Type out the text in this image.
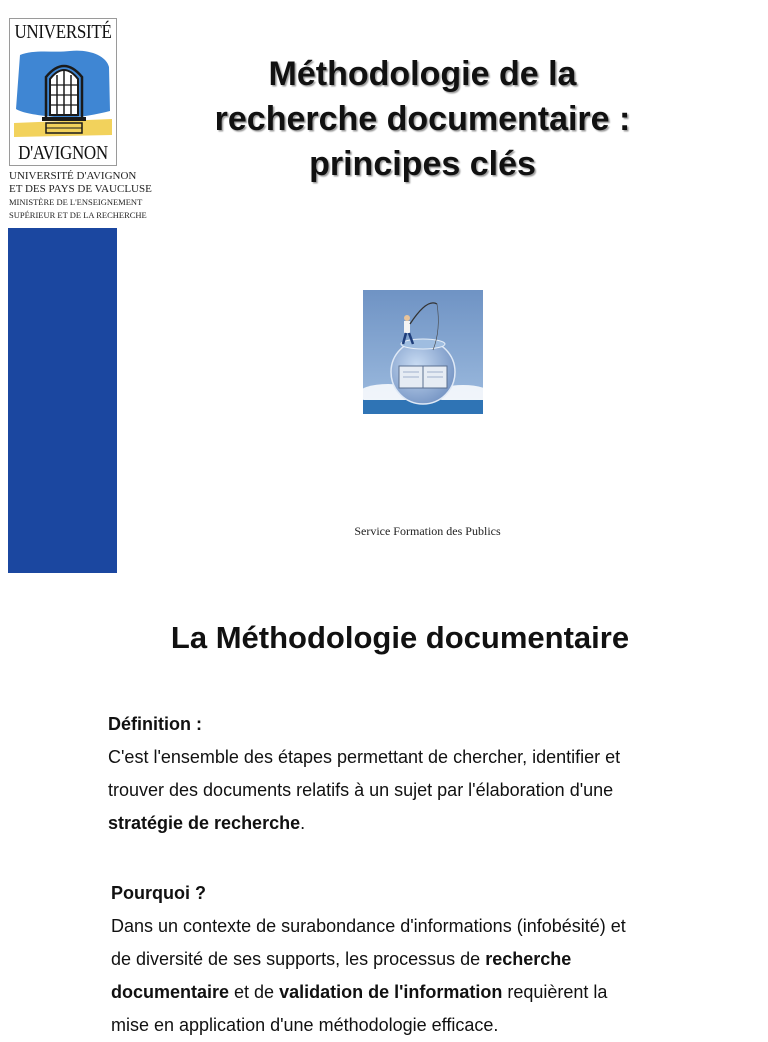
UNIVERSITÉ
D'AVIGNON
UNIVERSITÉ D'AVIGNON
ET DES PAYS DE VAUCLUSE
MINISTÈRE DE L'ENSEIGNEMENT
SUPÉRIEUR ET DE LA RECHERCHE
Méthodologie de la
recherche documentaire :
principes clés
Service Formation des Publics
La Méthodologie documentaire
Définition :
C'est l'ensemble des étapes permettant de chercher, identifier et
trouver des documents relatifs à un sujet par l'élaboration d'une
stratégie de recherche.
Pourquoi ?
Dans un contexte de surabondance d'informations (infobésité) et
de diversité de ses supports, les processus de recherche
documentaire et de validation de l'information requièrent la
mise en application d'une méthodologie efficace.
